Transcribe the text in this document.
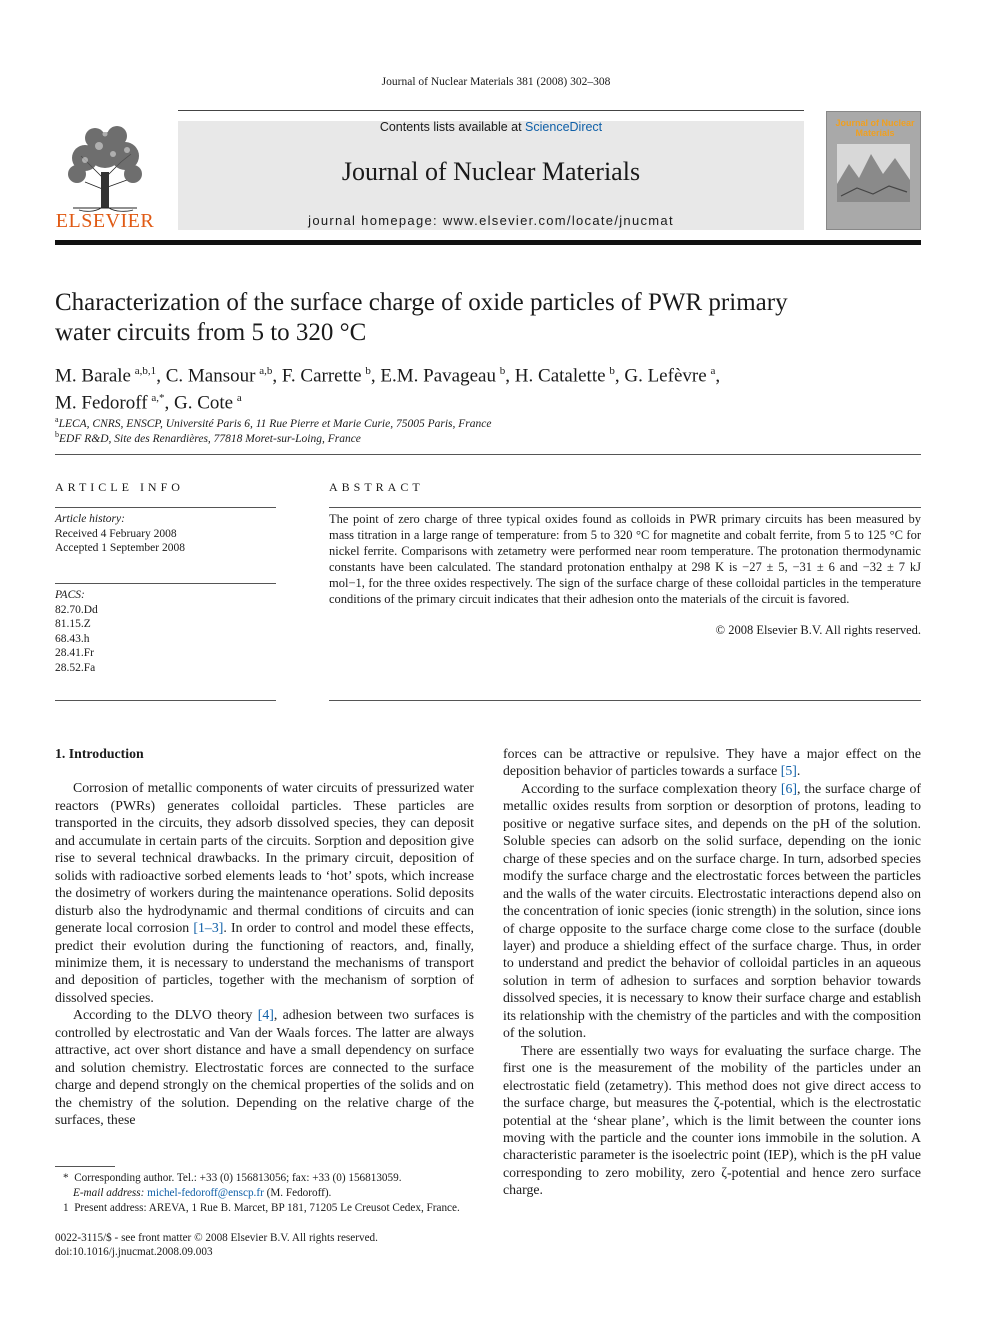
Journal of Nuclear Materials 381 (2008) 302–308
ELSEVIER
Contents lists available at ScienceDirect
Journal of Nuclear Materials
journal homepage: www.elsevier.com/locate/jnucmat
Journal of Nuclear Materials
Characterization of the surface charge of oxide particles of PWR primary
water circuits from 5 to 320 °C
M. Barale  $^{a,b,1}$, C. Mansour  $^{a,b}$, F. Carrette  $^b$, E.M. Pavageau  $^b$, H. Catalette  $^b$, G. Lefèvre  $^a$,
M. Fedoroff  $^{a,*}$, G. Cote  $^a$
$^a$LECA, CNRS, ENSCP, Université Paris 6, 11 Rue Pierre et Marie Curie, 75005 Paris, France
$^b$EDF R&D, Site des Renardières, 77818 Moret-sur-Loing, France
ARTICLE INFO
Article history:
Received 4 February 2008
Accepted 1 September 2008
PACS:
82.70.Dd
81.15.Z
68.43.h
28.41.Fr
28.52.Fa
ABSTRACT
The point of zero charge of three typical oxides found as colloids in PWR primary circuits has been measured by mass titration in a large range of temperature: from 5 to 320 °C for magnetite and cobalt ferrite, from 5 to 125 °C for nickel ferrite. Comparisons with zetametry were performed near room temperature. The protonation thermodynamic constants have been calculated. The standard protonation enthalpy at 298 K is −27 ± 5, −31 ± 6 and −32 ± 7 kJ mol−1, for the three oxides respectively. The sign of the surface charge of these colloidal particles in the temperature conditions of the primary circuit indicates that their adhesion onto the materials of the circuit is favored.
© 2008 Elsevier B.V. All rights reserved.
1. Introduction

Corrosion of metallic components of water circuits of pressurized water reactors (PWRs) generates colloidal particles. These particles are transported in the circuits, they adsorb dissolved species, they can deposit and accumulate in certain parts of the circuits. Sorption and deposition give rise to several technical drawbacks. In the primary circuit, deposition of solids with radioactive sorbed elements leads to ‘hot’ spots, which increase the dosimetry of workers during the maintenance operations. Solid deposits disturb also the hydrodynamic and thermal conditions of circuits and can generate local corrosion [1–3]. In order to control and model these effects, predict their evolution during the functioning of reactors, and, finally, minimize them, it is necessary to understand the mechanisms of transport and deposition of particles, together with the mechanism of sorption of dissolved species.

According to the DLVO theory [4], adhesion between two surfaces is controlled by electrostatic and Van der Waals forces. The latter are always attractive, act over short distance and have a small dependency on surface and solution chemistry. Electrostatic forces are connected to the surface charge and depend strongly on the chemical properties of the solids and on the chemistry of the solution. Depending on the relative charge of the surfaces, these

forces can be attractive or repulsive. They have a major effect on the deposition behavior of particles towards a surface [5].

According to the surface complexation theory [6], the surface charge of metallic oxides results from sorption or desorption of protons, leading to positive or negative surface sites, and depends on the pH of the solution. Soluble species can adsorb on the solid surface, depending on the ionic charge of these species and on the surface charge. In turn, adsorbed species modify the surface charge and the electrostatic forces between the particles and the walls of the water circuits. Electrostatic interactions depend also on the concentration of ionic species (ionic strength) in the solution, since ions of charge opposite to the surface charge come close to the surface (double layer) and produce a shielding effect of the surface charge. Thus, in order to understand and predict the behavior of colloidal particles in an aqueous solution in term of adhesion to surfaces and sorption behavior towards dissolved species, it is necessary to know their surface charge and establish its relationship with the chemistry of the particles and with the composition of the solution.

There are essentially two ways for evaluating the surface charge. The first one is the measurement of the mobility of the particles under an electrostatic field (zetametry). This method does not give direct access to the surface charge, but measures the ζ-potential, which is the electrostatic potential at the ‘shear plane’, which is the limit between the counter ions moving with the particle and the counter ions immobile in the solution. A characteristic parameter is the isoelectric point (IEP), which is the pH value corresponding to zero mobility, zero ζ-potential and hence zero surface charge.

* Corresponding author. Tel.: +33 (0) 156813056; fax: +33 (0) 156813059.
E-mail address: michel-fedoroff@enscp.fr (M. Fedoroff).
1 Present address: AREVA, 1 Rue B. Marcet, BP 181, 71205 Le Creusot Cedex, France.
0022-3115/$ - see front matter © 2008 Elsevier B.V. All rights reserved.
doi:10.1016/j.jnucmat.2008.09.003
